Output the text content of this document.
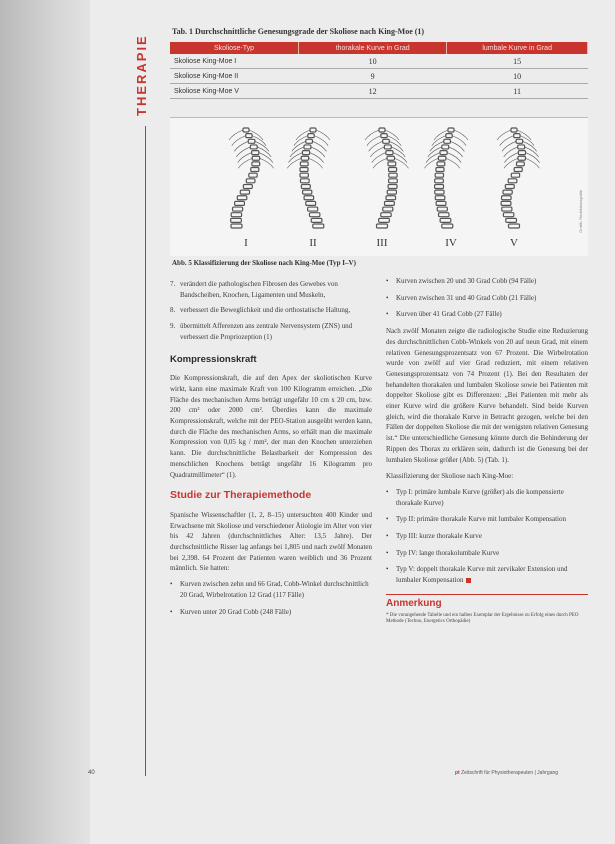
THERAPIE
Tab. 1 Durchschnittliche Genesungsgrade der Skoliose nach King-Moe (1)
Skoliose-Typ	thorakale Kurve in Grad	lumbale Kurve in Grad
Skoliose King-Moe I	10	15
Skoliose King-Moe II	9	10
Skoliose King-Moe V	12	11
I	II	III	IV	V
Grafik: Redaktionsgrafik
Abb. 5 Klassifizierung der Skoliose nach King-Moe (Typ I–V)
7. verändert die pathologischen Fibrosen des Gewebes von Bandscheiben, Knochen, Ligamenten und Muskeln,
8. verbessert die Beweglichkeit und die orthostatische Haltung,
9. übermittelt Afferenzen ans zentrale Nervensystem (ZNS) und verbessert die Propriozeption (1)
Kompressionskraft

Die Kompressionskraft, die auf den Apex der skoliotischen Kurve wirkt, kann eine maximale Kraft von 100 Kilogramm erreichen. „Die Fläche des mechanischen Arms beträgt ungefähr 10 cm x 20 cm, bzw. 200 cm² oder 2000 cm². Überdies kann die maximale Kompressionskraft, welche mit der PEO-Station ausgeübt werden kann, durch die Fläche des mechanischen Arms, so erhält man die maximale Kompression von 0,05 kg / mm², der man den Knochen unterziehen kann. Die durchschnittliche Belastbarkeit der Kompression des menschlichen Knochens beträgt ungefähr 16 Kilogramm pro Quadratmillimeter“ (1).

Studie zur Therapiemethode

Spanische Wissenschaftler (1, 2, 8–15) untersuchten 400 Kinder und Erwachsene mit Skoliose und verschiedener Ätiologie im Alter von vier bis 42 Jahren (durchschnittliches Alter: 13,5 Jahre). Der durchschnittliche Risser lag anfangs bei 1,805 und nach zwölf Monaten bei 2,398. 64 Prozent der Patienten waren weiblich und 36 Prozent männlich. Sie hatten:

• Kurven zwischen zehn und 66 Grad, Cobb-Winkel durchschnittlich 20 Grad, Wirbelrotation 12 Grad (117 Fälle)
• Kurven unter 20 Grad Cobb (248 Fälle)
• Kurven zwischen 20 und 30 Grad Cobb (94 Fälle)
• Kurven zwischen 31 und 40 Grad Cobb (21 Fälle)
• Kurven über 41 Grad Cobb (27 Fälle)

Nach zwölf Monaten zeigte die radiologische Studie eine Reduzierung des durchschnittlichen Cobb-Winkels von 20 auf neun Grad, mit einem relativen Genesungsprozentsatz von 67 Prozent. Die Wirbelrotation wurde von zwölf auf vier Grad reduziert, mit einem relativen Genesungsprozentsatz von 74 Prozent (1). Bei den Resultaten der behandelten thorakalen und lumbalen Skoliose sowie bei Patienten mit doppelter Skoliose gibt es Differenzen: „Bei Patienten mit mehr als einer Kurve wird die größere Kurve behandelt. Sind beide Kurven gleich, wird die thorakale Kurve in Betracht gezogen, welche bei den Fällen der doppelten Skoliose die mit der wenigsten relativen Genesung ist.“ Die unterschiedliche Genesung könnte durch die Behinderung der Rippen des Thorax zu erklären sein, dadurch ist die Genesung bei der lumbalen Skoliose größer (Abb. 5) (Tab. 1).

Klassifizierung der Skoliose nach King-Moe:

• Typ I: primäre lumbale Kurve (größer) als die kompensierte thorakale Kurve)
• Typ II: primäre thorakale Kurve mit lumbaler Kompensation
• Typ III: kurze thorakale Kurve
• Typ IV: lange thorakolumbale Kurve
• Typ V: doppelt thorakale Kurve mit zervikaler Extension und lumbaler Kompensation
Anmerkung
* Die vorangehende Tabelle und ein halbes Exemplar der Ergebnisse zu Erfolg eines durch PEO Methode (Techno, Energetics Orthopädie)
40	pt Zeitschrift für Physiotherapeuten | Jahrgang
